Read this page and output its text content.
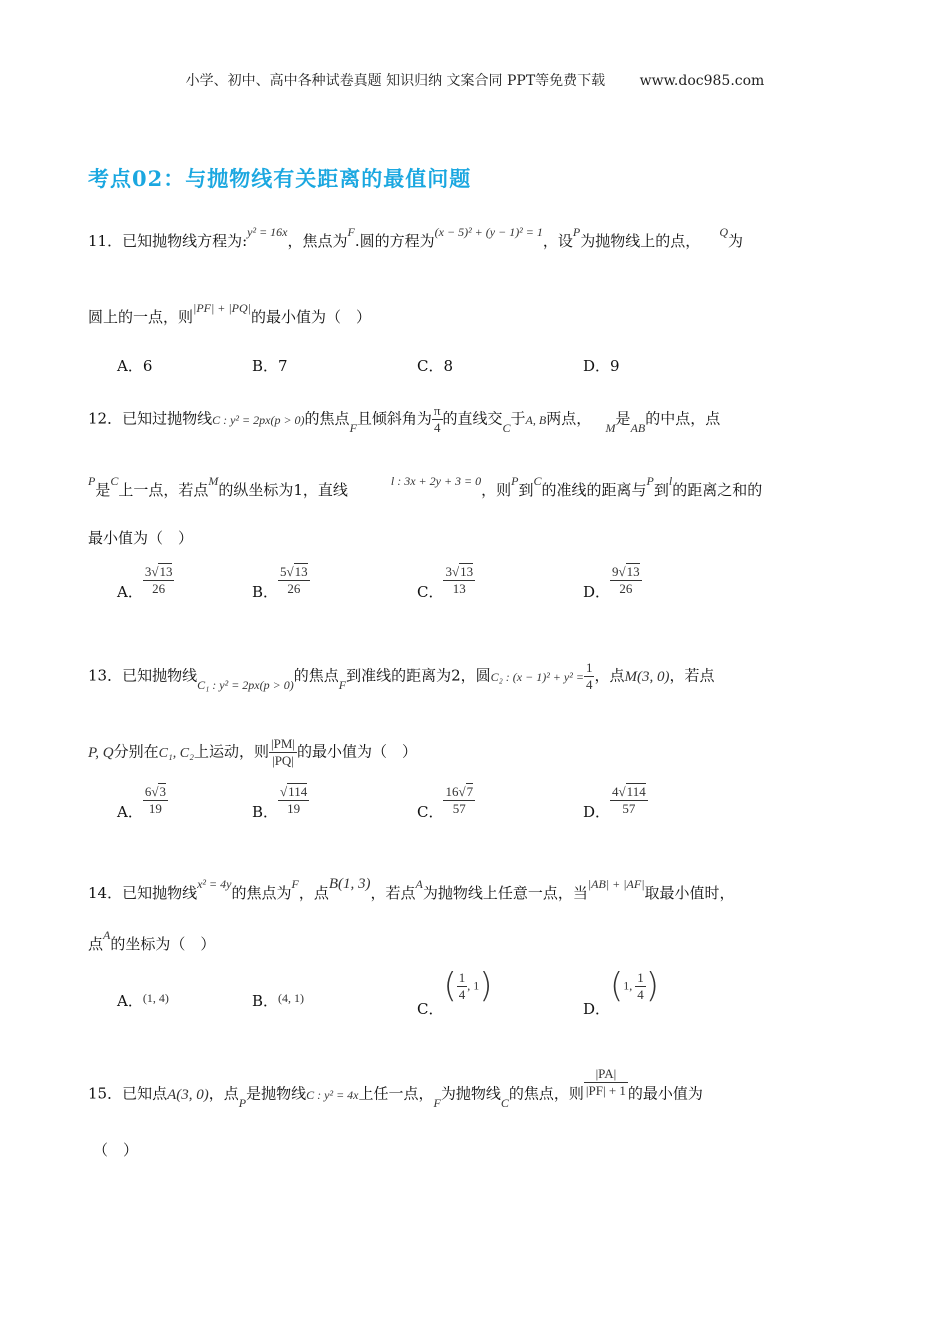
小学、初中、高中各种试卷真题 知识归纳 文案合同 PPT等免费下载 www.doc985.com
考点02：与抛物线有关距离的最值问题
11．已知抛物线方程为:y² = 16x，焦点为F.圆的方程为(x − 5)² + (y − 1)² = 1，设P为抛物线上的点， Q为
圆上的一点，则|PF| + |PQ|的最小值为（　）
A．6	B．7	C．8	D．9
12．已知过抛物线C : y² = 2px(p > 0)的焦点F且倾斜角为 $\frac{\pi}{4}$ 的直线交C于A, B两点， M是AB的中点，点
P是C上一点，若点M的纵坐标为1，直线	l : 3x + 2y + 3 = 0，则P到C的准线的距离与P到l的距离之和的
最小值为（　）
A． $\frac{3√13}{26}$	B． $\frac{5√13}{26}$	C． $\frac{3√13}{13}$	D． $\frac{9√13}{26}$
13．已知抛物线C₁ : y² = 2px(p > 0)的焦点F到准线的距离为2，圆C₂ : $(x - 1)^2 + y^2 = \frac{1}{4}$ ，点M(3, 0)，若点
P, Q分别在C₁, C₂上运动，则 $\frac{|PM|}{|PQ|}$ 的最小值为（　）
A． $\frac{6√3}{19}$	B． $\frac{√114}{19}$	C． $\frac{16√7}{57}$	D． $\frac{4√114}{57}$
14．已知抛物线x² = 4y的焦点为F，点B(1, 3)，若点A为抛物线上任意一点，当|AB| + |AF|取最小值时，
点A的坐标为（　）
A．$^{(1, 4)}$	B．$^{(4, 1)}$
C．( $\frac{1}{4}$ , 1)
D．(1, $\frac{1}{4}$ )
15．已知点A(3, 0)，点P是抛物线C : y² = 4x上任一点，F为抛物线C的焦点，则 $\frac{|PA|}{|PF| + 1}$ 的最小值为
（　）
